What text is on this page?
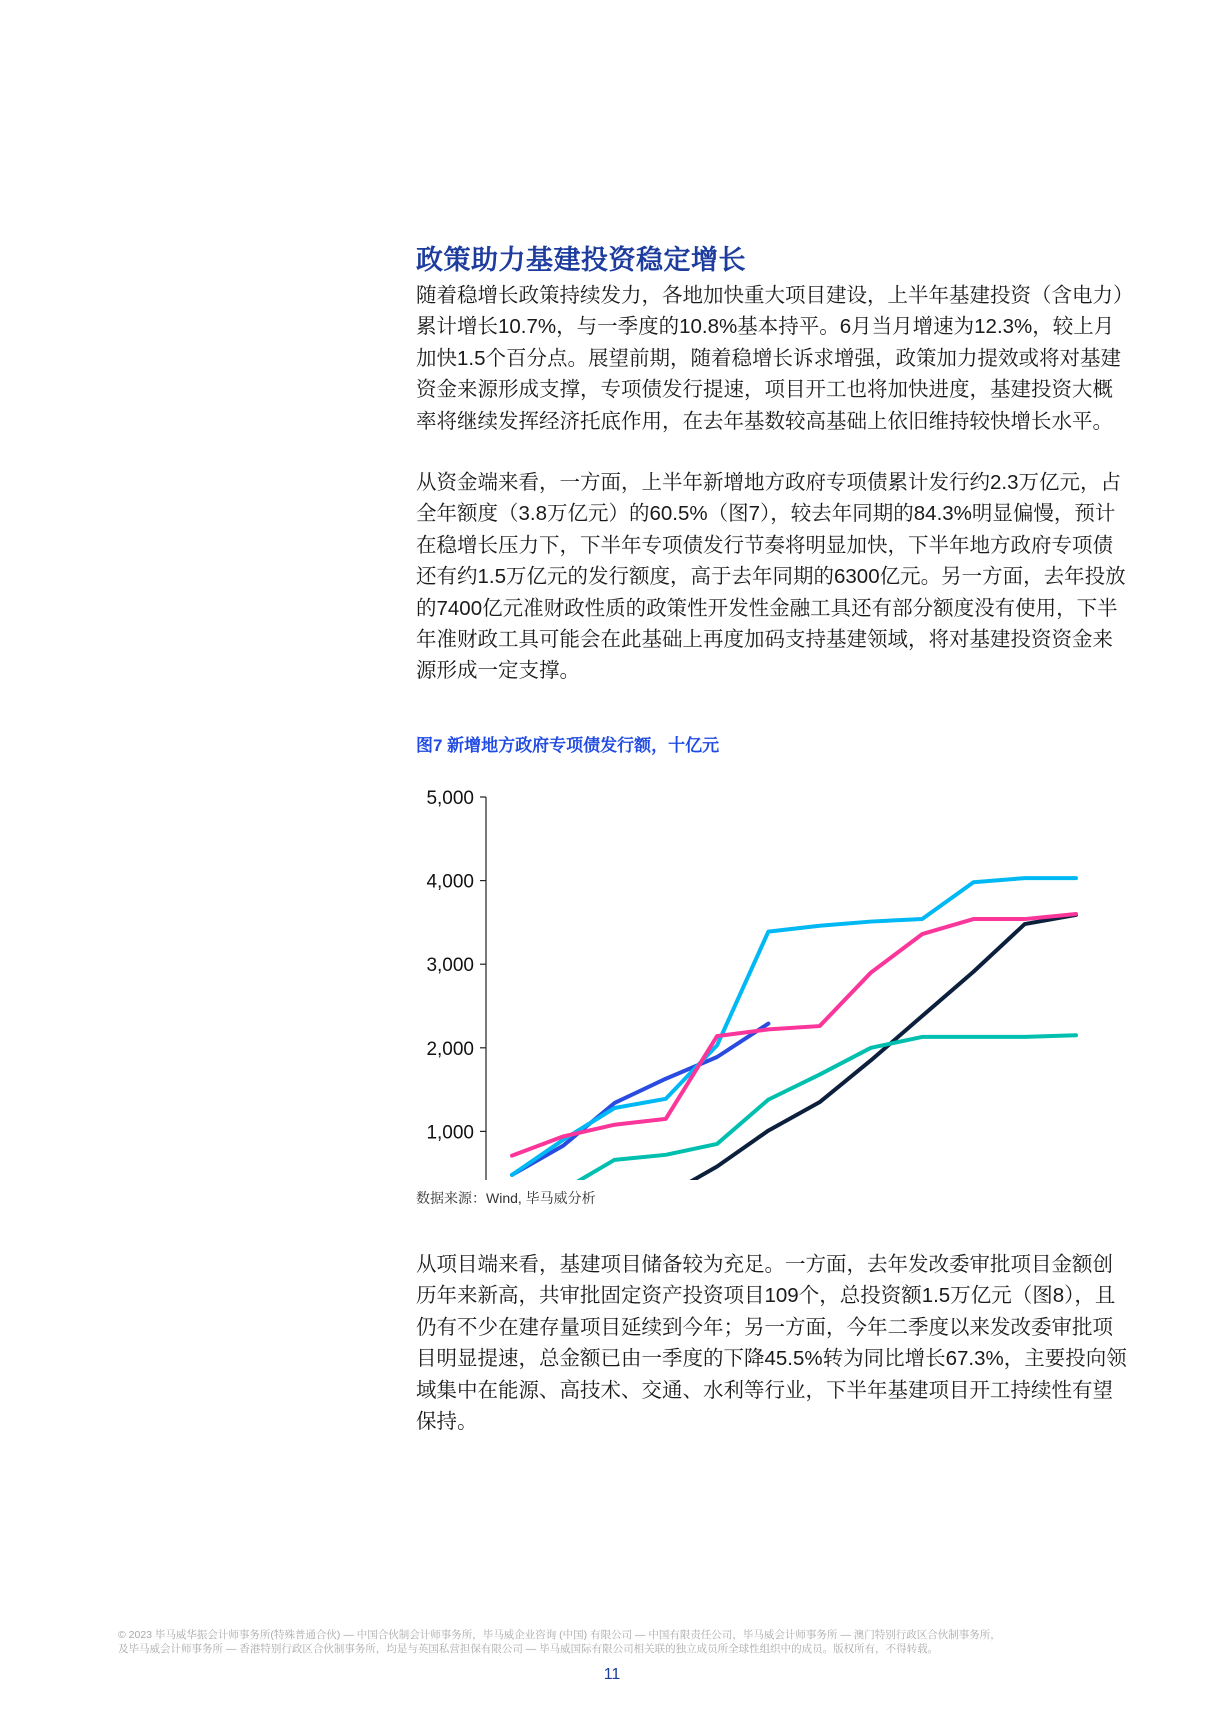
政策助力基建投资稳定增长
随着稳增长政策持续发力，各地加快重大项目建设，上半年基建投资（含电力）
累计增长10.7%，与一季度的10.8%基本持平。6月当月增速为12.3%，较上月
加快1.5个百分点。展望前期，随着稳增长诉求增强，政策加力提效或将对基建
资金来源形成支撑，专项债发行提速，项目开工也将加快进度，基建投资大概
率将继续发挥经济托底作用，在去年基数较高基础上依旧维持较快增长水平。
从资金端来看，一方面，上半年新增地方政府专项债累计发行约2.3万亿元，占
全年额度（3.8万亿元）的60.5%（图7），较去年同期的84.3%明显偏慢，预计
在稳增长压力下，下半年专项债发行节奏将明显加快，下半年地方政府专项债
还有约1.5万亿元的发行额度，高于去年同期的6300亿元。另一方面，去年投放
的7400亿元准财政性质的政策性开发性金融工具还有部分额度没有使用，下半
年准财政工具可能会在此基础上再度加码支持基建领域，将对基建投资资金来
源形成一定支撑。
图7 新增地方政府专项债发行额，十亿元
1,000
2,000
3,000
4,000
5,000
数据来源：Wind, 毕马威分析
从项目端来看，基建项目储备较为充足。一方面，去年发改委审批项目金额创
历年来新高，共审批固定资产投资项目109个，总投资额1.5万亿元（图8），且
仍有不少在建存量项目延续到今年；另一方面，今年二季度以来发改委审批项
目明显提速，总金额已由一季度的下降45.5%转为同比增长67.3%，主要投向领
域集中在能源、高技术、交通、水利等行业，下半年基建项目开工持续性有望
保持。
© 2023 毕马威华振会计师事务所(特殊普通合伙) — 中国合伙制会计师事务所，毕马威企业咨询 (中国) 有限公司 — 中国有限责任公司，毕马威会计师事务所 — 澳门特别行政区合伙制事务所，
及毕马威会计师事务所 — 香港特别行政区合伙制事务所，均是与英国私营担保有限公司 — 毕马威国际有限公司相关联的独立成员所全球性组织中的成员。版权所有，不得转载。
11
